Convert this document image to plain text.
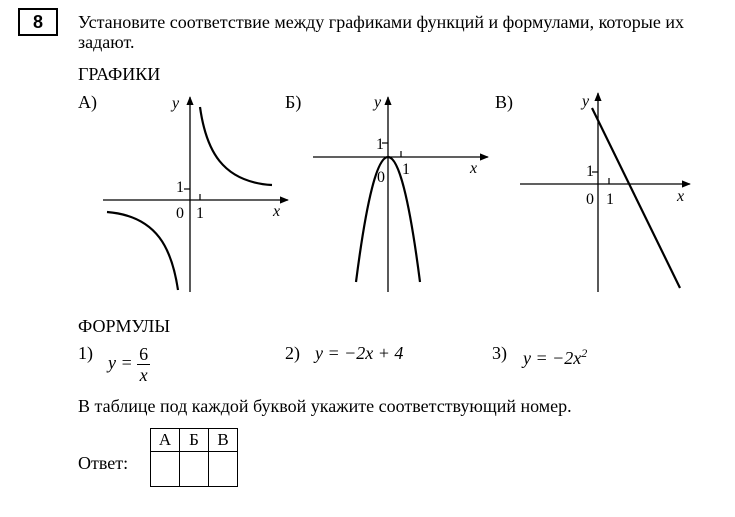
8	Установите соответствие между графиками функций и формулами, которые их задают.
ГРАФИКИ
А)	Б)	В)
y
x
0 1
1
y
x
0 1
1
y
x
0 1
1
ФОРМУЛЫ
1) $y = \frac{6}{x}$	2) y = −2x + 4	3) $y = -2x^2$
В таблице под каждой буквой укажите соответствующий номер.
Ответ:
А	Б	В
